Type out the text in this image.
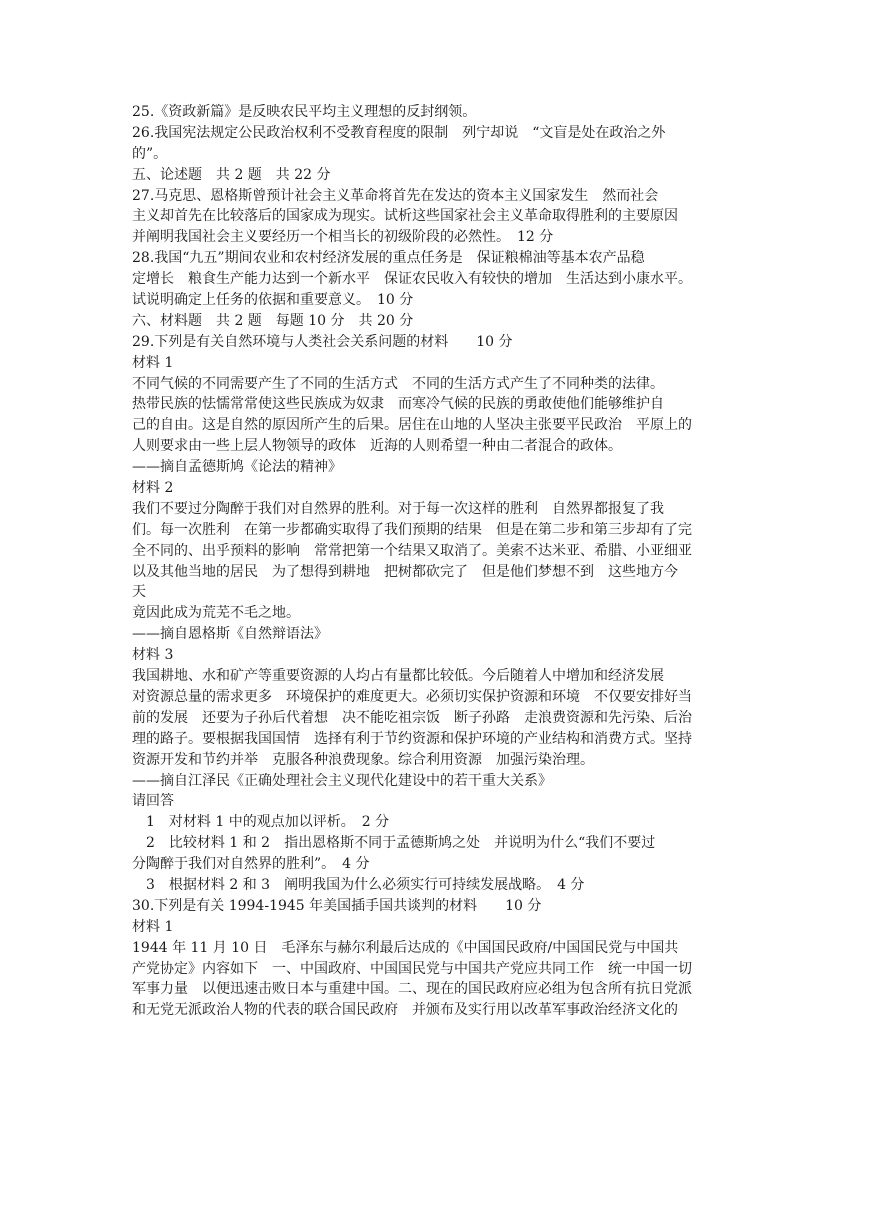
25.《资政新篇》是反映农民平均主义理想的反封纲领。
26.我国宪法规定公民政治权利不受教育程度的限制　列宁却说　“文盲是处在政治之外
的”。
五、论述题　共 2 题　共 22 分
27.马克思、恩格斯曾预计社会主义革命将首先在发达的资本主义国家发生　然而社会
主义却首先在比较落后的国家成为现实。试析这些国家社会主义革命取得胜利的主要原因
并阐明我国社会主义要经历一个相当长的初级阶段的必然性。　12 分
28.我国“九五”期间农业和农村经济发展的重点任务是　保证粮棉油等基本农产品稳
定增长　粮食生产能力达到一个新水平　保证农民收入有较快的增加　生活达到小康水平。
试说明确定上任务的依据和重要意义。　10 分
六、材料题　共 2 题　每题 10 分　共 20 分
29.下列是有关自然环境与人类社会关系问题的材料　　10 分
材料 1
不同气候的不同需要产生了不同的生活方式　不同的生活方式产生了不同种类的法律。
热带民族的怯懦常常使这些民族成为奴隶　而寒冷气候的民族的勇敢使他们能够维护自
己的自由。这是自然的原因所产生的后果。居住在山地的人坚决主张要平民政治　平原上的
人则要求由一些上层人物领导的政体　近海的人则希望一种由二者混合的政体。
——摘自孟德斯鸠《论法的精神》
材料 2
我们不要过分陶醉于我们对自然界的胜利。对于每一次这样的胜利　自然界都报复了我
们。每一次胜利　在第一步都确实取得了我们预期的结果　但是在第二步和第三步却有了完
全不同的、出乎预料的影响　常常把第一个结果又取消了。美索不达米亚、希腊、小亚细亚
以及其他当地的居民　为了想得到耕地　把树都砍完了　但是他们梦想不到　这些地方今
天
竟因此成为荒芜不毛之地。
——摘自恩格斯《自然辩语法》
材料 3
我国耕地、水和矿产等重要资源的人均占有量都比较低。今后随着人中增加和经济发展
对资源总量的需求更多　环境保护的难度更大。必须切实保护资源和环境　不仅要安排好当
前的发展　还要为子孙后代着想　决不能吃祖宗饭　断子孙路　走浪费资源和先污染、后治
理的路子。要根据我国国情　选择有利于节约资源和保护环境的产业结构和消费方式。坚持
资源开发和节约并举　克服各种浪费现象。综合利用资源　加强污染治理。
——摘自江泽民《正确处理社会主义现代化建设中的若干重大关系》
请回答
　1　对材料 1 中的观点加以评析。　2 分
　2　比较材料 1 和 2　指出恩格斯不同于孟德斯鸠之处　并说明为什么“我们不要过
分陶醉于我们对自然界的胜利”。　4 分
　3　根据材料 2 和 3　阐明我国为什么必须实行可持续发展战略。　4 分
30.下列是有关 1994-1945 年美国插手国共谈判的材料　　10 分
材料 1
1944 年 11 月 10 日　毛泽东与赫尔利最后达成的《中国国民政府/中国国民党与中国共
产党协定》内容如下　一、中国政府、中国国民党与中国共产党应共同工作　统一中国一切
军事力量　以便迅速击败日本与重建中国。二、现在的国民政府应必组为包含所有抗日党派
和无党无派政治人物的代表的联合国民政府　并颁布及实行用以改革军事政治经济文化的
